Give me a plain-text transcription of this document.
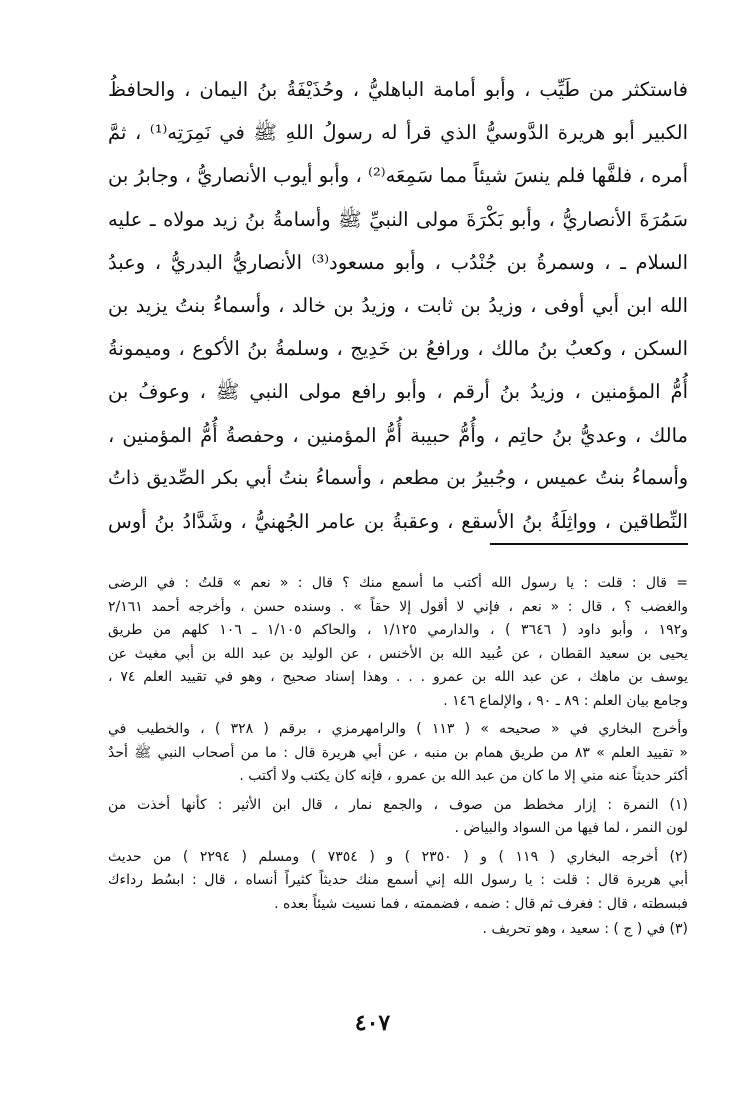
فاستكثر من طَيِّب ، وأبو أمامة الباهليُّ ، وحُذَيْفَةُ بنُ اليمان ، والحافظُ
الكبير أبو هريرة الدَّوسيُّ الذي قرأ له رسولُ اللهِ ﷺ في نَمِرَتِه⁽¹⁾ ، ثمَّ
أمره ، فلفَّها فلم ينسَ شيئاً مما سَمِعَه⁽²⁾ ، وأبو أيوب الأنصاريُّ ، وجابرُ بن
سَمُرَةَ الأنصاريُّ ، وأبو بَكْرَةَ مولى النبيِّ ﷺ وأسامةُ بنُ زيد مولاه ـ عليه
السلام ـ ، وسمرةُ بن جُنْدُب ، وأبو مسعود⁽³⁾ الأنصاريُّ البدريُّ ، وعبدُ
الله ابن أبي أوفى ، وزيدُ بن ثابت ، وزيدُ بن خالد ، وأسماءُ بنتُ يزيد بن
السكن ، وكعبُ بنُ مالك ، ورافعُ بن خَدِيج ، وسلمةُ بنُ الأكوع ، وميمونةُ
أُمُّ المؤمنين ، وزيدُ بنُ أرقم ، وأبو رافع مولى النبي ﷺ ، وعوفُ بن
مالك ، وعديُّ بنُ حاتِم ، وأُمُّ حبيبة أُمُّ المؤمنين ، وحفصةُ أُمُّ المؤمنين ،
وأسماءُ بنتُ عميس ، وجُبيرُ بن مطعم ، وأسماءُ بنتُ أبي بكر الصِّديق ذاتُ
النِّطاقين ، وواثِلَةُ بنُ الأسقع ، وعقبةُ بن عامر الجُهنيُّ ، وشَدَّادُ بنُ أوس
= قال : قلت : يا رسول الله أكتب ما أسمع منك ؟ قال : « نعم » قلتُ : في الرضى
والغضب ؟ ، قال : « نعم ، فإني لا أقول إلا حقاً » . وسنده حسن ، وأخرجه أحمد ٢/١٦١
و١٩٢ ، وأبو داود ( ٣٦٤٦ ) ، والدارمي ١/١٢٥ ، والحاكم ١/١٠٥ ـ ١٠٦ كلهم من طريق
يحيى بن سعيد القطان ، عن عُبيد الله بن الأخنس ، عن الوليد بن عبد الله بن أبي مغيث عن
يوسف بن ماهك ، عن عبد الله بن عمرو . . . وهذا إسناد صحيح ، وهو في تقييد العلم ٧٤ ،
وجامع بيان العلم : ٨٩ ـ ٩٠ ، والإلماع ١٤٦ .
وأخرج البخاري في « صحيحه » ( ١١٣ ) والرامهرمزي ، برقم ( ٣٢٨ ) ، والخطيب في
« تقييد العلم » ٨٣ من طريق همام بن منبه ، عن أبي هريرة قال : ما من أصحاب النبي ﷺ أحدٌ
أكثر حديثاً عنه مني إلا ما كان من عبد الله بن عمرو ، فإنه كان يكتب ولا أكتب .
(١) النمرة : إزار مخطط من صوف ، والجمع نمار ، قال ابن الأثير : كأنها أخذت من
لون النمر ، لما فيها من السواد والبياض .
(٢) أخرجه البخاري ( ١١٩ ) و ( ٢٣٥٠ ) و ( ٧٣٥٤ ) ومسلم ( ٢٢٩٤ ) من حديث
أبي هريرة قال : قلت : يا رسول الله إني أسمع منك حديثاً كثيراً أنساه ، قال : ابسُط رداءك
فبسطته ، قال : فغرف ثم قال : ضمه ، فضممته ، فما نسيت شيئاً بعده .
(٣) في ( ج ) : سعيد ، وهو تحريف .
٤٠٧
